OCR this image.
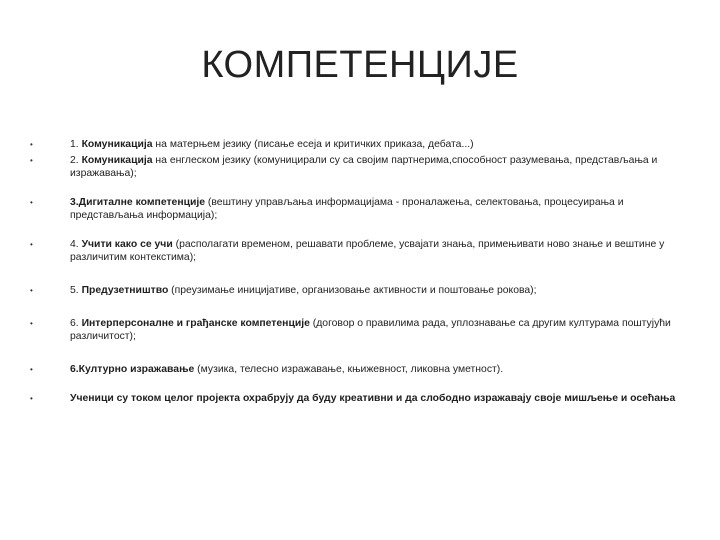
КОМПЕТЕНЦИЈЕ
•	1. Комуникација на матерњем језику (писање есеја и критичких приказа, дебата...)
•	2. Комуникација на енглеском језику (комуницирали су са својим партнерима,способност разумевања, представљања и изражавања);
•	3.Дигиталне компетенције (вештину управљања информацијама - проналажења, селектовања, процесуирања и представљања информација);
•	4. Учити како се учи (располагати временом, решавати проблеме, усвајати знања, примењивати ново знање и вештине у различитим контекстима);
•	5. Предузетништво (преузимање иницијативе, организовање активности и поштовање рокова);
•	6. Интерперсоналне и грађанске компетенције (договор о правилима рада, уплознавање са другим културама поштујући различитост);
•	6.Културно изражавање (музика, телесно изражавање, књижевност, ликовна уметност).
•	Ученици су током целог пројекта охрабрују да буду креативни и да слободно изражавају своје мишљење и осећања
